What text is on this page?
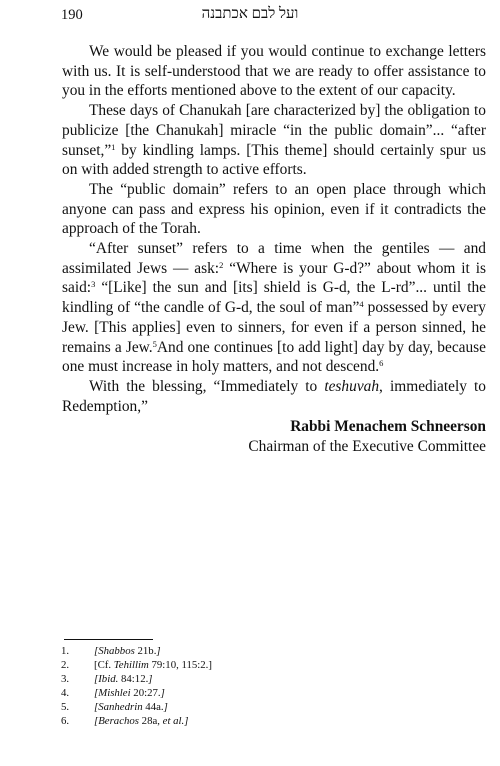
190	ועל לבם אכתבנה

We would be pleased if you would continue to exchange letters with us. It is self-understood that we are ready to offer assistance to you in the efforts mentioned above to the extent of our capacity.

These days of Chanukah [are characterized by] the obligation to publicize [the Chanukah] miracle “in the public domain”... “after sunset,”$^1$ by kindling lamps. [This theme] should certainly spur us on with added strength to active efforts.

The “public domain” refers to an open place through which anyone can pass and express his opinion, even if it contradicts the approach of the Torah.

“After sunset” refers to a time when the gentiles — and assimilated Jews — ask:$^2$ “Where is your G-d?” about whom it is said:$^3$ “[Like] the sun and [its] shield is G-d, the L-rd”... until the kindling of “the candle of G-d, the soul of man”$^4$ possessed by every Jew. [This applies] even to sinners, for even if a person sinned, he remains a Jew.$^5$And one continues [to add light] day by day, because one must increase in holy matters, and not descend.$^6$

With the blessing, “Immediately to teshuvah, immediately to Redemption,”

Rabbi Menachem Schneerson
Chairman of the Executive Committee
1. [Shabbos 21b.]
2. [Cf. Tehillim 79:10, 115:2.]
3. [Ibid. 84:12.]
4. [Mishlei 20:27.]
5. [Sanhedrin 44a.]
6. [Berachos 28a, et al.]
